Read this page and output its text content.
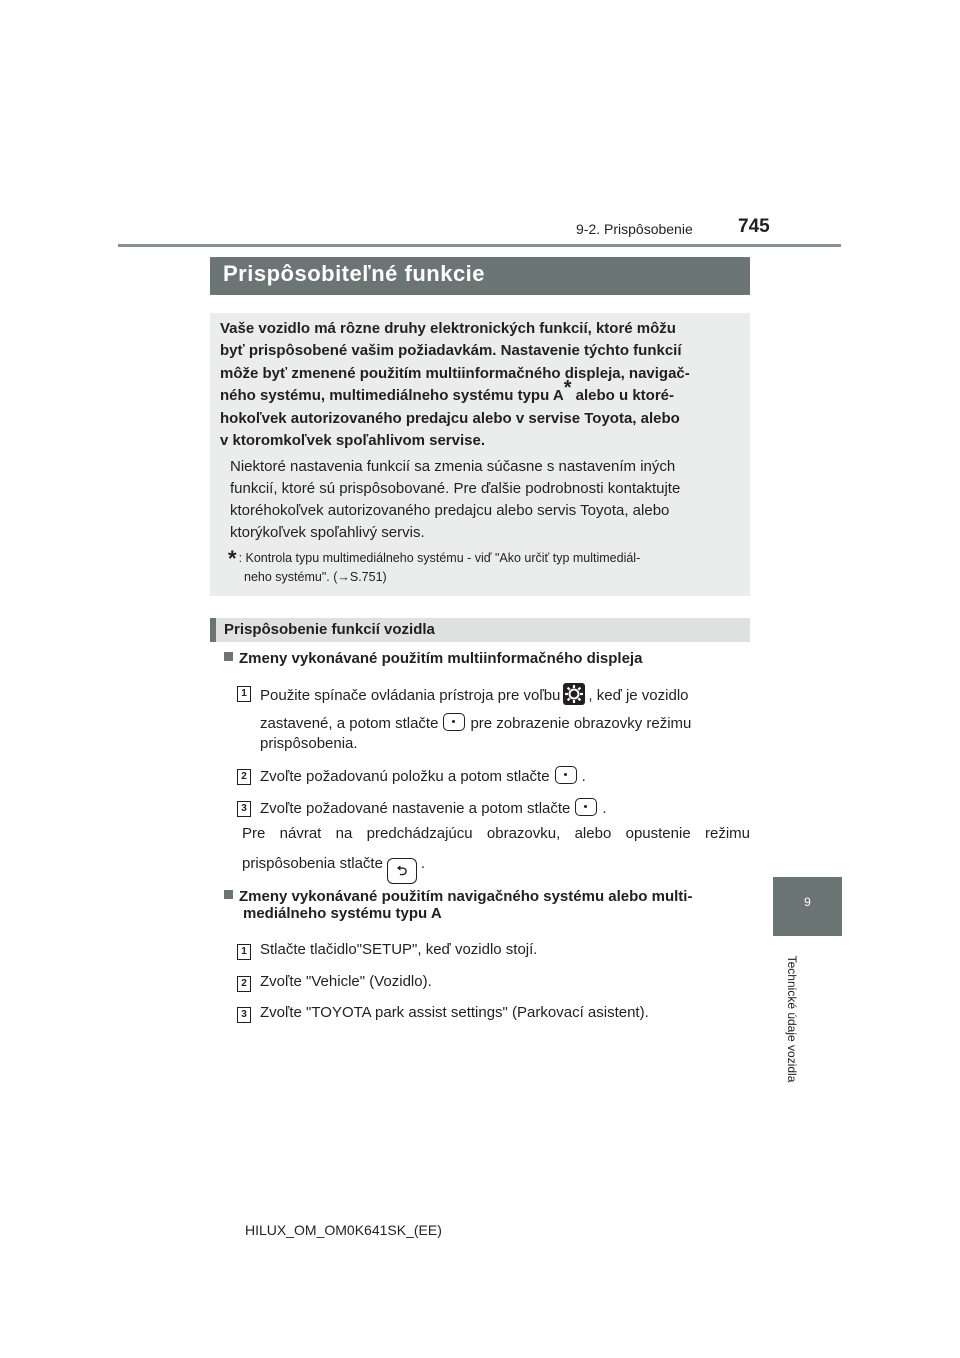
9-2. Prispôsobenie 745
9
Technické údaje vozidla
Prispôsobiteľné funkcie
Vaše vozidlo má rôzne druhy elektronických funkcií, ktoré môžu
byť prispôsobené vašim požiadavkám. Nastavenie týchto funkcií
môže byť zmenené použitím multiinformačného displeja, navigač-
ného systému, multimediálneho systému typu A* alebo u ktoré-
hokoľvek autorizovaného predajcu alebo v servise Toyota, alebo
v ktoromkoľvek spoľahlivom servise.
Niektoré nastavenia funkcií sa zmenia súčasne s nastavením iných
funkcií, ktoré sú prispôsobované. Pre ďalšie podrobnosti kontaktujte
ktoréhokoľvek autorizovaného predajcu alebo servis Toyota, alebo
ktorýkoľvek spoľahlivý servis.
* : Kontrola typu multimediálneho systému - viď "Ako určiť typ multimediál-
neho systému". (→S.751)
Prispôsobenie funkcií vozidla
Zmeny vykonávané použitím multiinformačného displeja
1 Použite spínače ovládania prístroja pre voľbu , keď je vozidlo
zastavené, a potom stlačte pre zobrazenie obrazovky režimu
prispôsobenia.
2 Zvoľte požadovanú položku a potom stlačte .
3 Zvoľte požadované nastavenie a potom stlačte .
Pre návrat na predchádzajúcu obrazovku, alebo opustenie režimu
prispôsobenia stlačte ⮌ .
Zmeny vykonávané použitím navigačného systému alebo multi-
mediálneho systému typu A
1 Stlačte tlačidlo"SETUP", keď vozidlo stojí.
2 Zvoľte "Vehicle" (Vozidlo).
3 Zvoľte "TOYOTA park assist settings" (Parkovací asistent).
HILUX_OM_OM0K641SK_(EE)
